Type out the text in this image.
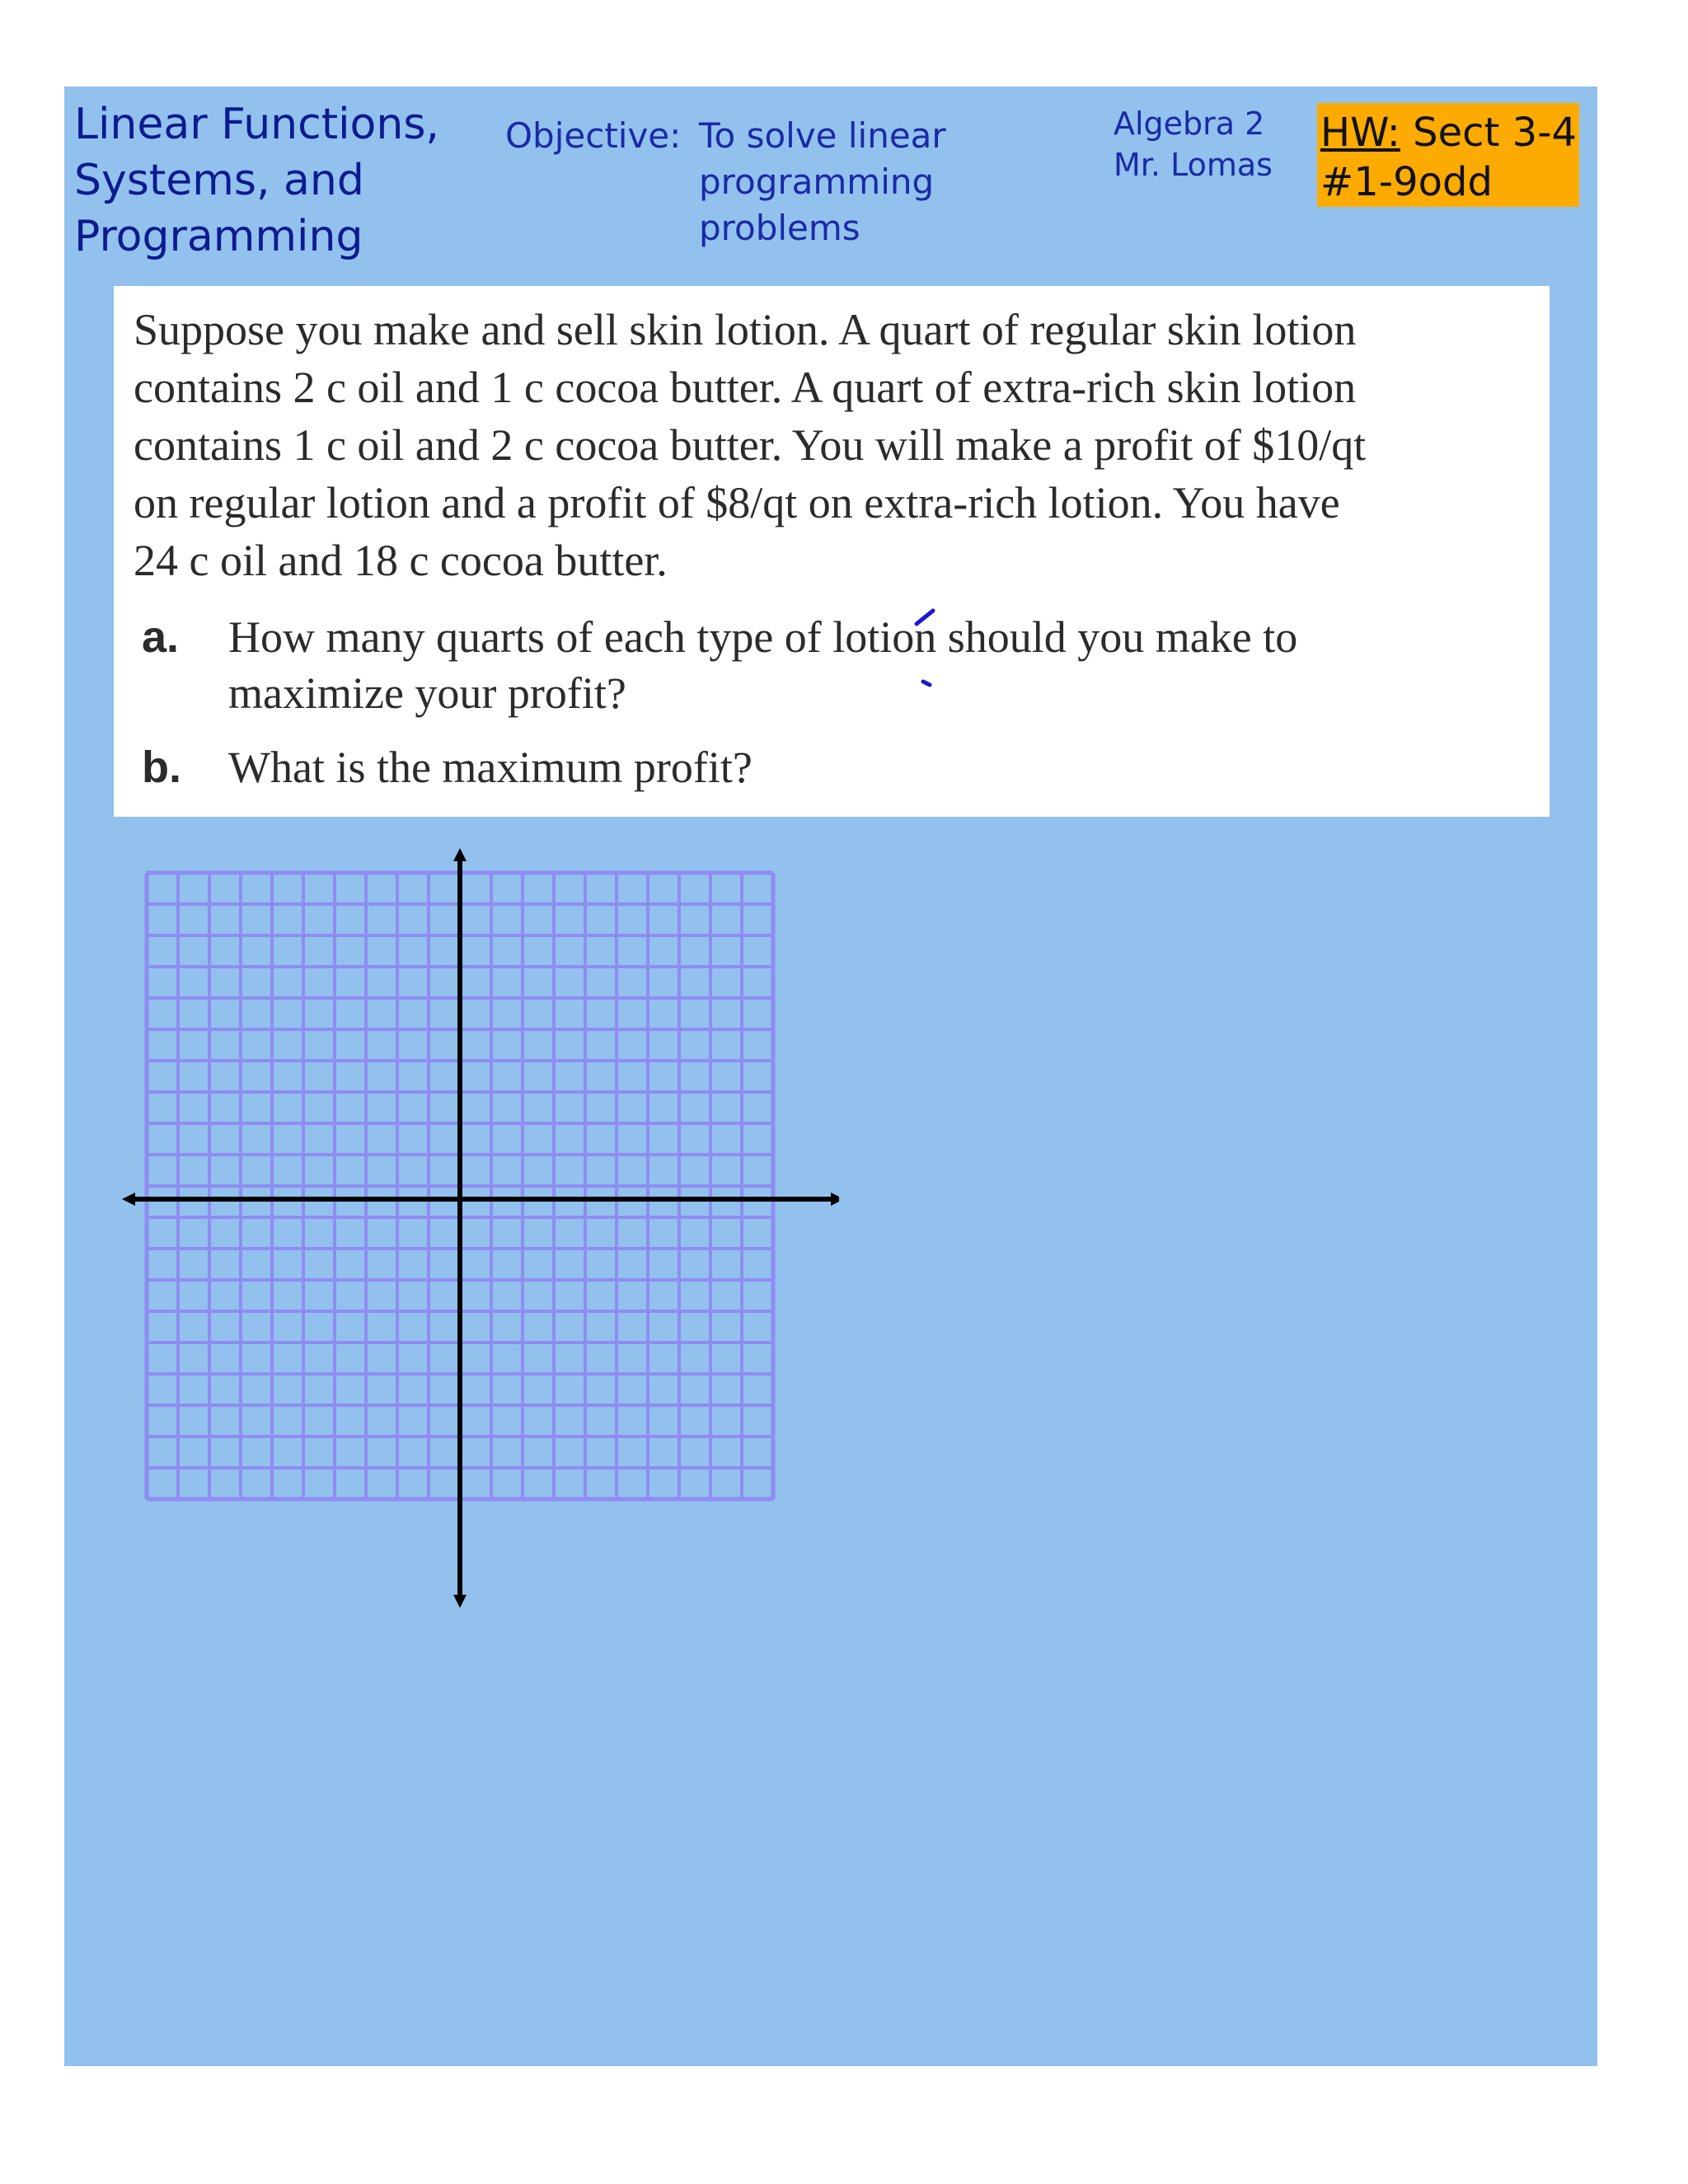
Linear Functions,
Systems, and
Programming
Objective: To solve linear
programming
problems
Algebra 2
Mr. Lomas
HW: Sect 3-4
#1-9odd
Suppose you make and sell skin lotion. A quart of regular skin lotion
contains 2 c oil and 1 c cocoa butter. A quart of extra-rich skin lotion
contains 1 c oil and 2 c cocoa butter. You will make a profit of $10/qt
on regular lotion and a profit of $8/qt on extra-rich lotion. You have
24 c oil and 18 c cocoa butter.
a. How many quarts of each type of lotion should you make to
maximize your profit?
b. What is the maximum profit?
